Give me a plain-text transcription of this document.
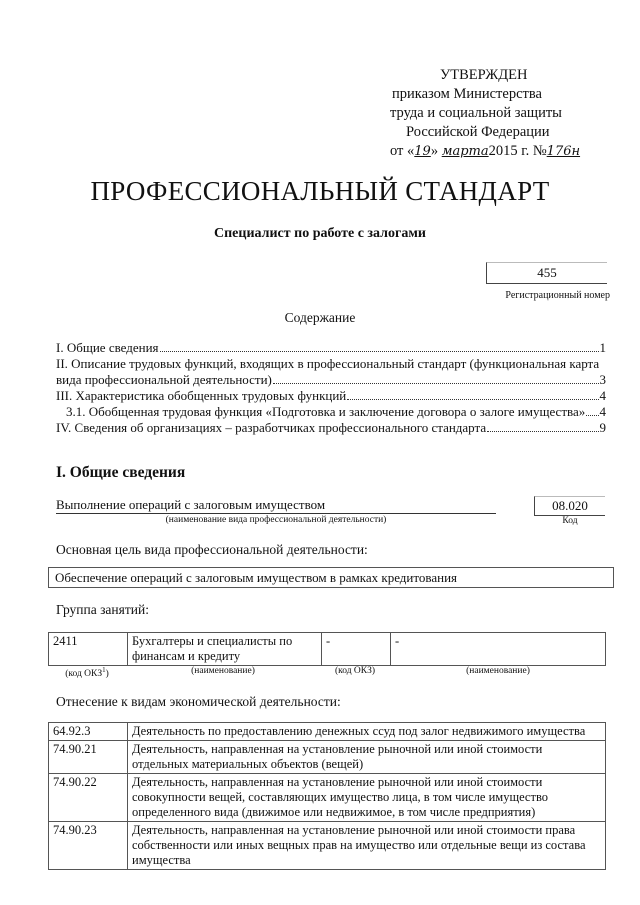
УТВЕРЖДЕН
приказом Министерства
труда и социальной защиты
Российской Федерации
от «19» марта2015 г. №176н
ПРОФЕССИОНАЛЬНЫЙ СТАНДАРТ
Специалист по работе с залогами
455
Регистрационный номер
Содержание
I. Общие сведения	1
II. Описание трудовых функций, входящих в профессиональный стандарт (функциональная карта
вида профессиональной деятельности)	3
III. Характеристика обобщенных трудовых функций	4
3.1. Обобщенная трудовая функция «Подготовка и заключение договора о залоге имущества» 4
IV. Сведения об организациях – разработчиках профессионального стандарта	9
I. Общие сведения
Выполнение операций с залоговым имуществом
(наименование вида профессиональной деятельности)
08.020
Код
Основная цель вида профессиональной деятельности:
Обеспечение операций с залоговым имуществом в рамках кредитования
Группа занятий:
2411	Бухгалтеры и специалисты по финансам и кредиту	-	-
(код ОКЗ$^1$)	(наименование)	(код ОКЗ)	(наименование)
Отнесение к видам экономической деятельности:
64.92.3	Деятельность по предоставлению денежных ссуд под залог недвижимого имущества
74.90.21	Деятельность, направленная на установление рыночной или иной стоимости отдельных материальных объектов (вещей)
74.90.22	Деятельность, направленная на установление рыночной или иной стоимости совокупности вещей, составляющих имущество лица, в том числе имущество определенного вида (движимое или недвижимое, в том числе предприятия)
74.90.23	Деятельность, направленная на установление рыночной или иной стоимости права собственности или иных вещных прав на имущество или отдельные вещи из состава имущества
